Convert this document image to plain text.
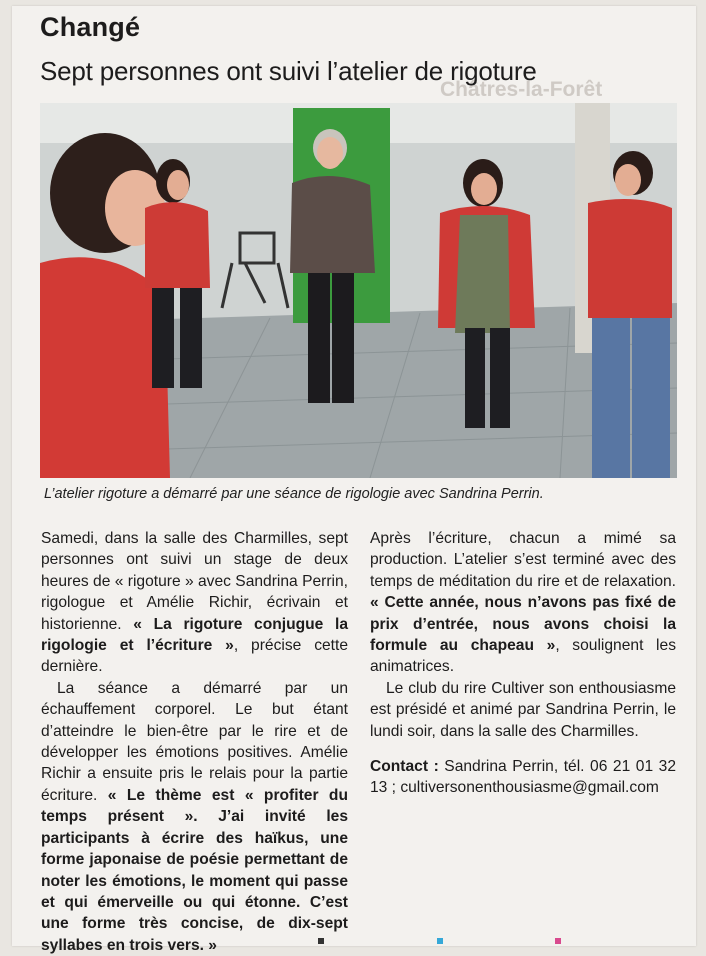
Châtres-la-Forêt
Changé
Sept personnes ont suivi l’atelier de rigoture
L’atelier rigoture a démarré par une séance de rigologie avec Sandrina Perrin.

Samedi, dans la salle des Charmilles, sept personnes ont suivi un stage de deux heures de « rigoture » avec Sandrina Perrin, rigologue et Amélie Richir, écrivain et historienne. « La rigoture conjugue la rigologie et l’écriture », précise cette dernière.

La séance a démarré par un échauffement corporel. Le but étant d’atteindre le bien-être par le rire et de développer les émotions positives. Amélie Richir a ensuite pris le relais pour la partie écriture. « Le thème est « profiter du temps présent ». J’ai invité les participants à écrire des haïkus, une forme japonaise de poésie permettant de noter les émotions, le moment qui passe et qui émerveille ou qui étonne. C’est une forme très concise, de dix-sept syllabes en trois vers. »

Après l’écriture, chacun a mimé sa production. L’atelier s’est terminé avec des temps de méditation du rire et de relaxation. « Cette année, nous n’avons pas fixé de prix d’entrée, nous avons choisi la formule au chapeau », soulignent les animatrices.

Le club du rire Cultiver son enthousiasme est présidé et animé par Sandrina Perrin, le lundi soir, dans la salle des Charmilles.

Contact : Sandrina Perrin, tél. 06 21 01 32 13 ; cultiversonenthousiasme@gmail.com
